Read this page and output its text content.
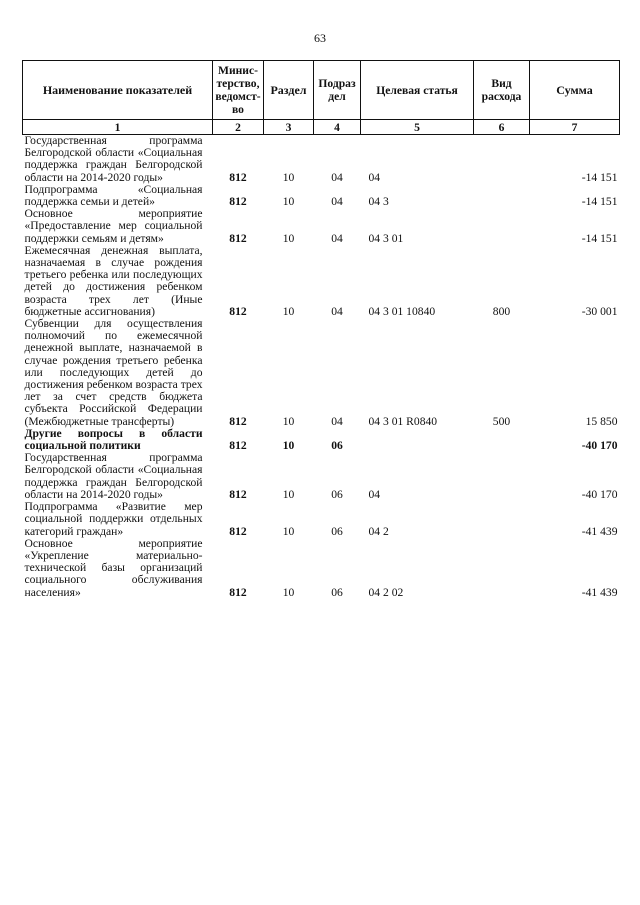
63
Наименование показателей	Минис-терство, ведомст-во	Раздел	Подраз дел	Целевая статья	Вид расхода	Сумма
1	2	3	4	5	6	7
Государственная программа Белгородской области «Социальная поддержка граждан Белгородской области на 2014-2020 годы»	812	10	04	04		-14 151
Подпрограмма «Социальная поддержка семьи и детей»	812	10	04	04 3		-14 151
Основное мероприятие «Предоставление мер социальной поддержки семьям и детям»	812	10	04	04 3 01		-14 151
Ежемесячная денежная выплата, назначаемая в случае рождения третьего ребенка или последующих детей до достижения ребенком возраста трех лет (Иные бюджетные ассигнования)	812	10	04	04 3 01 10840	800	-30 001
Субвенции для осуществления полномочий по ежемесячной денежной выплате, назначаемой в случае рождения третьего ребенка или последующих детей до достижения ребенком возраста трех лет за счет средств бюджета субъекта Российской Федерации (Межбюджетные трансферты)	812	10	04	04 3 01 R0840	500	15 850
Другие вопросы в области социальной политики	812	10	06			-40 170
Государственная программа Белгородской области «Социальная поддержка граждан Белгородской области на 2014-2020 годы»	812	10	06	04		-40 170
Подпрограмма «Развитие мер социальной поддержки отдельных категорий граждан»	812	10	06	04 2		-41 439
Основное мероприятие «Укрепление материально-технической базы организаций социального обслуживания населения»	812	10	06	04 2 02		-41 439
